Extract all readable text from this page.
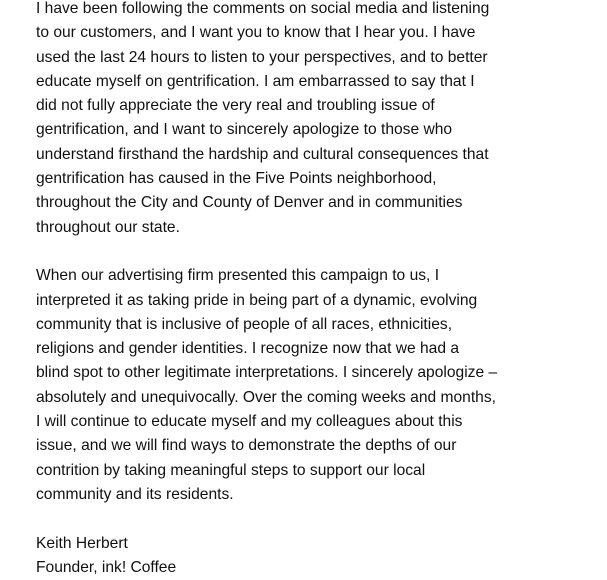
I have been following the comments on social media and listening
to our customers, and I want you to know that I hear you. I have
used the last 24 hours to listen to your perspectives, and to better
educate myself on gentrification. I am embarrassed to say that I
did not fully appreciate the very real and troubling issue of
gentrification, and I want to sincerely apologize to those who
understand firsthand the hardship and cultural consequences that
gentrification has caused in the Five Points neighborhood,
throughout the City and County of Denver and in communities
throughout our state.
When our advertising firm presented this campaign to us, I
interpreted it as taking pride in being part of a dynamic, evolving
community that is inclusive of people of all races, ethnicities,
religions and gender identities. I recognize now that we had a
blind spot to other legitimate interpretations. I sincerely apologize –
absolutely and unequivocally. Over the coming weeks and months,
I will continue to educate myself and my colleagues about this
issue, and we will find ways to demonstrate the depths of our
contrition by taking meaningful steps to support our local
community and its residents.
Keith Herbert
Founder, ink! Coffee
